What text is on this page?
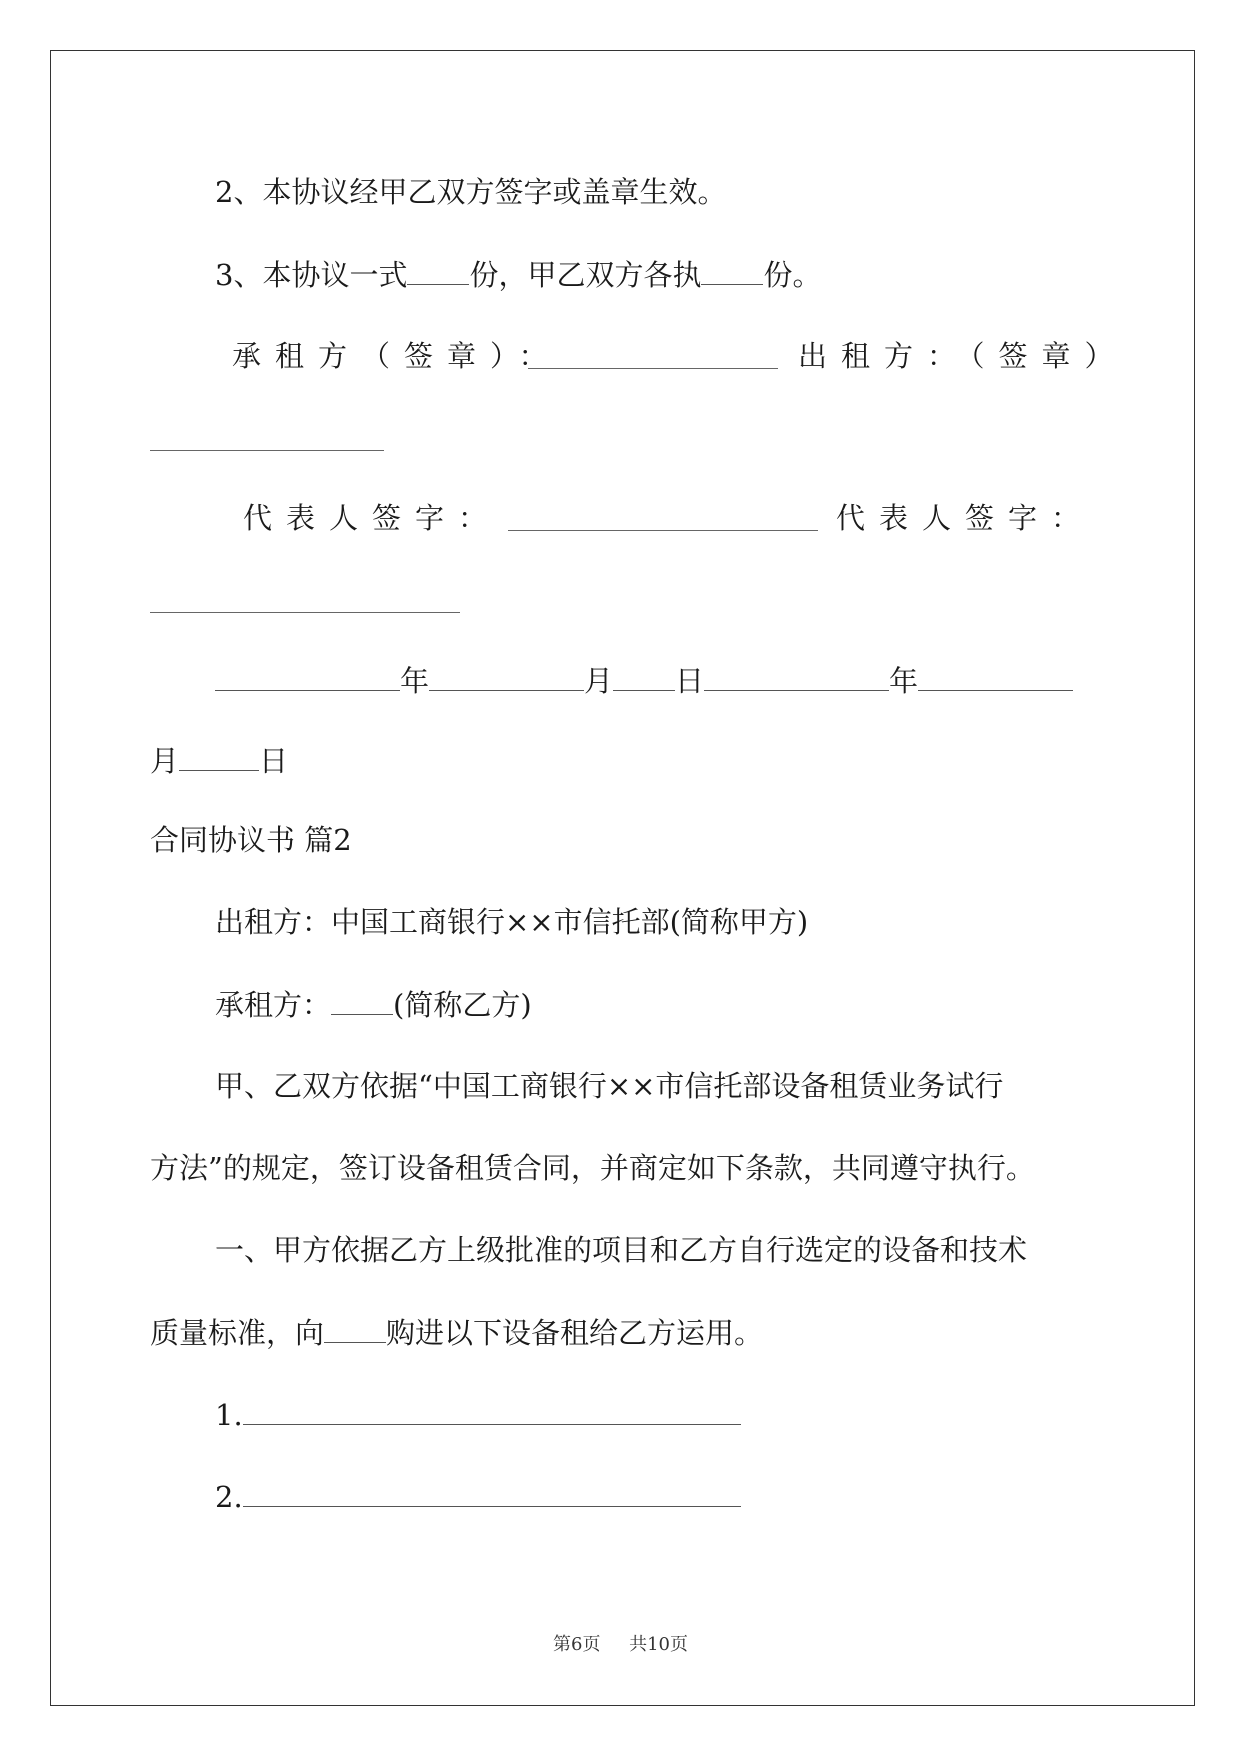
2、本协议经甲乙双方签字或盖章生效。
3、本协议一式 份，甲乙双方各执 份。
承租方（签章）：	出租方：（签章）
代表人签字：	代表人签字：
年	月 日	年
月	日
合同协议书 篇2
出租方：中国工商银行××市信托部(简称甲方)
承租方： (简称乙方)
甲、乙双方依据“中国工商银行××市信托部设备租赁业务试行
方法”的规定，签订设备租赁合同，并商定如下条款，共同遵守执行。
一、甲方依据乙方上级批准的项目和乙方自行选定的设备和技术
质量标准，向 购进以下设备租给乙方运用。
1.
2.
第6页 共10页
